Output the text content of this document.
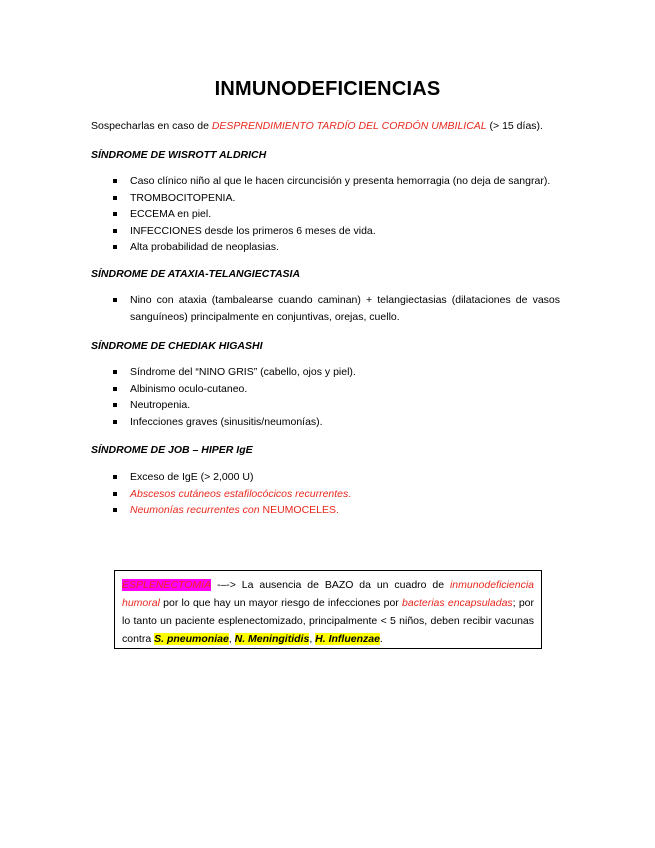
INMUNODEFICIENCIAS
Sospecharlas en caso de DESPRENDIMIENTO TARDÍO DEL CORDÓN UMBILICAL (> 15 días).
SÍNDROME DE WISROTT ALDRICH
Caso clínico niño al que le hacen circuncisión y presenta hemorragia (no deja de sangrar).
TROMBOCITOPENIA.
ECCEMA en piel.
INFECCIONES desde los primeros 6 meses de vida.
Alta probabilidad de neoplasias.
SÍNDROME DE ATAXIA-TELANGIECTASIA
Nino con ataxia (tambalearse cuando caminan) + telangiectasias (dilataciones de vasos sanguíneos) principalmente en conjuntivas, orejas, cuello.
SÍNDROME DE CHEDIAK HIGASHI
Síndrome del “NINO GRIS” (cabello, ojos y piel).
Albinismo oculo-cutaneo.
Neutropenia.
Infecciones graves (sinusitis/neumonías).
SÍNDROME DE JOB – HIPER IgE
Exceso de IgE (> 2,000 U)
Abscesos cutáneos estafilocócicos recurrentes.
Neumonías recurrentes con NEUMOCELES.
ESPLENECTOMÍA -–-> La ausencia de BAZO da un cuadro de inmunodeficiencia humoral por lo que hay un mayor riesgo de infecciones por bacterias encapsuladas; por lo tanto un paciente esplenectomizado, principalmente < 5 niños, deben recibir vacunas contra S. pneumoniae, N. Meningitidis, H. Influenzae.
